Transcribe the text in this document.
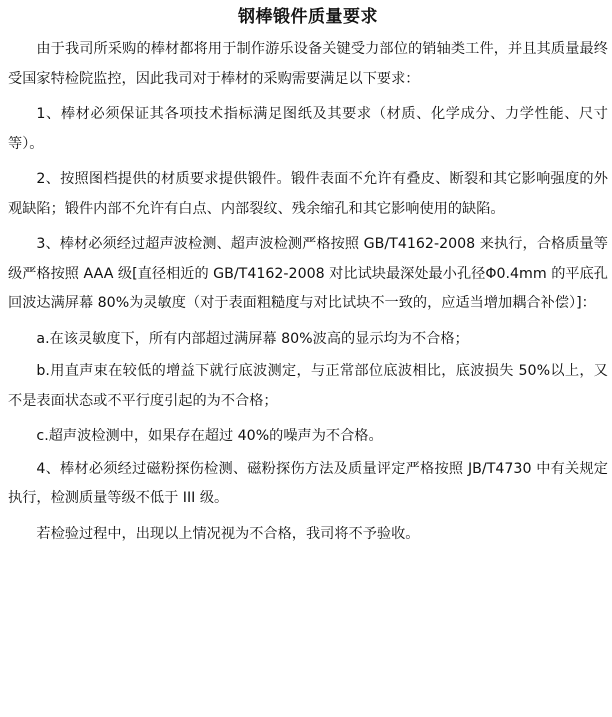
钢棒锻件质量要求

由于我司所采购的棒材都将用于制作游乐设备关键受力部位的销轴类工件，并且其质量最终受国家特检院监控，因此我司对于棒材的采购需要满足以下要求：

1、棒材必须保证其各项技术指标满足图纸及其要求（材质、化学成分、力学性能、尺寸等）。

2、按照图档提供的材质要求提供锻件。锻件表面不允许有叠皮、断裂和其它影响强度的外观缺陷；锻件内部不允许有白点、内部裂纹、残余缩孔和其它影响使用的缺陷。

3、棒材必须经过超声波检测、超声波检测严格按照 GB/T4162-2008 来执行，合格质量等级严格按照 AAA 级[直径相近的 GB/T4162-2008 对比试块最深处最小孔径Φ0.4mm 的平底孔回波达满屏幕 80%为灵敏度（对于表面粗糙度与对比试块不一致的，应适当增加耦合补偿）]：

a.在该灵敏度下，所有内部超过满屏幕 80%波高的显示均为不合格；

b.用直声束在较低的增益下就行底波测定，与正常部位底波相比，底波损失 50%以上，又不是表面状态或不平行度引起的为不合格；

c.超声波检测中，如果存在超过 40%的噪声为不合格。

4、棒材必须经过磁粉探伤检测、磁粉探伤方法及质量评定严格按照 JB/T4730 中有关规定执行，检测质量等级不低于 III 级。

若检验过程中，出现以上情况视为不合格，我司将不予验收。
